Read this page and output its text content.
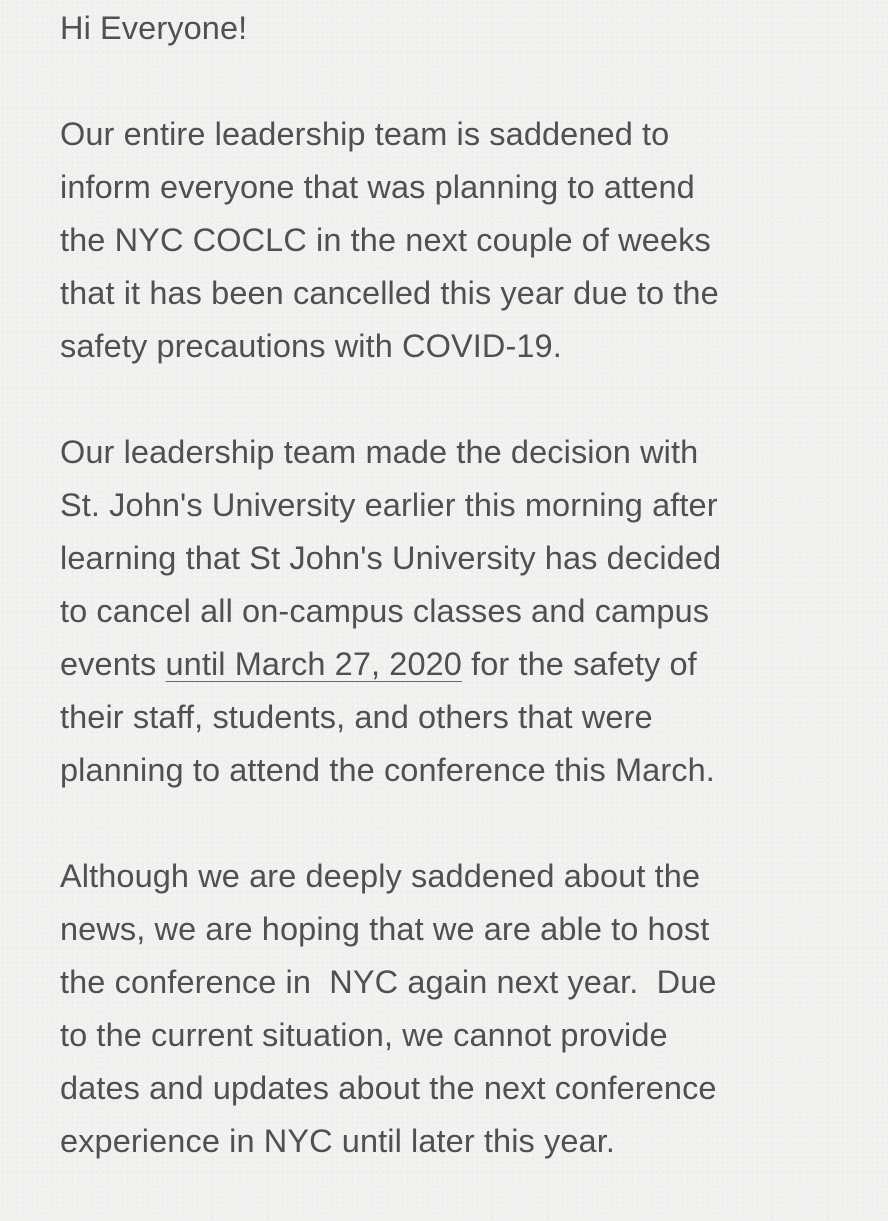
Hi Everyone!
Our entire leadership team is saddened to
inform everyone that was planning to attend
the NYC COCLC in the next couple of weeks
that it has been cancelled this year due to the
safety precautions with COVID-19.
Our leadership team made the decision with
St. John's University earlier this morning after
learning that St John's University has decided
to cancel all on-campus classes and campus
events until March 27, 2020 for the safety of
their staff, students, and others that were
planning to attend the conference this March.
Although we are deeply saddened about the
news, we are hoping that we are able to host
the conference in  NYC again next year.  Due
to the current situation, we cannot provide
dates and updates about the next conference
experience in NYC until later this year.
